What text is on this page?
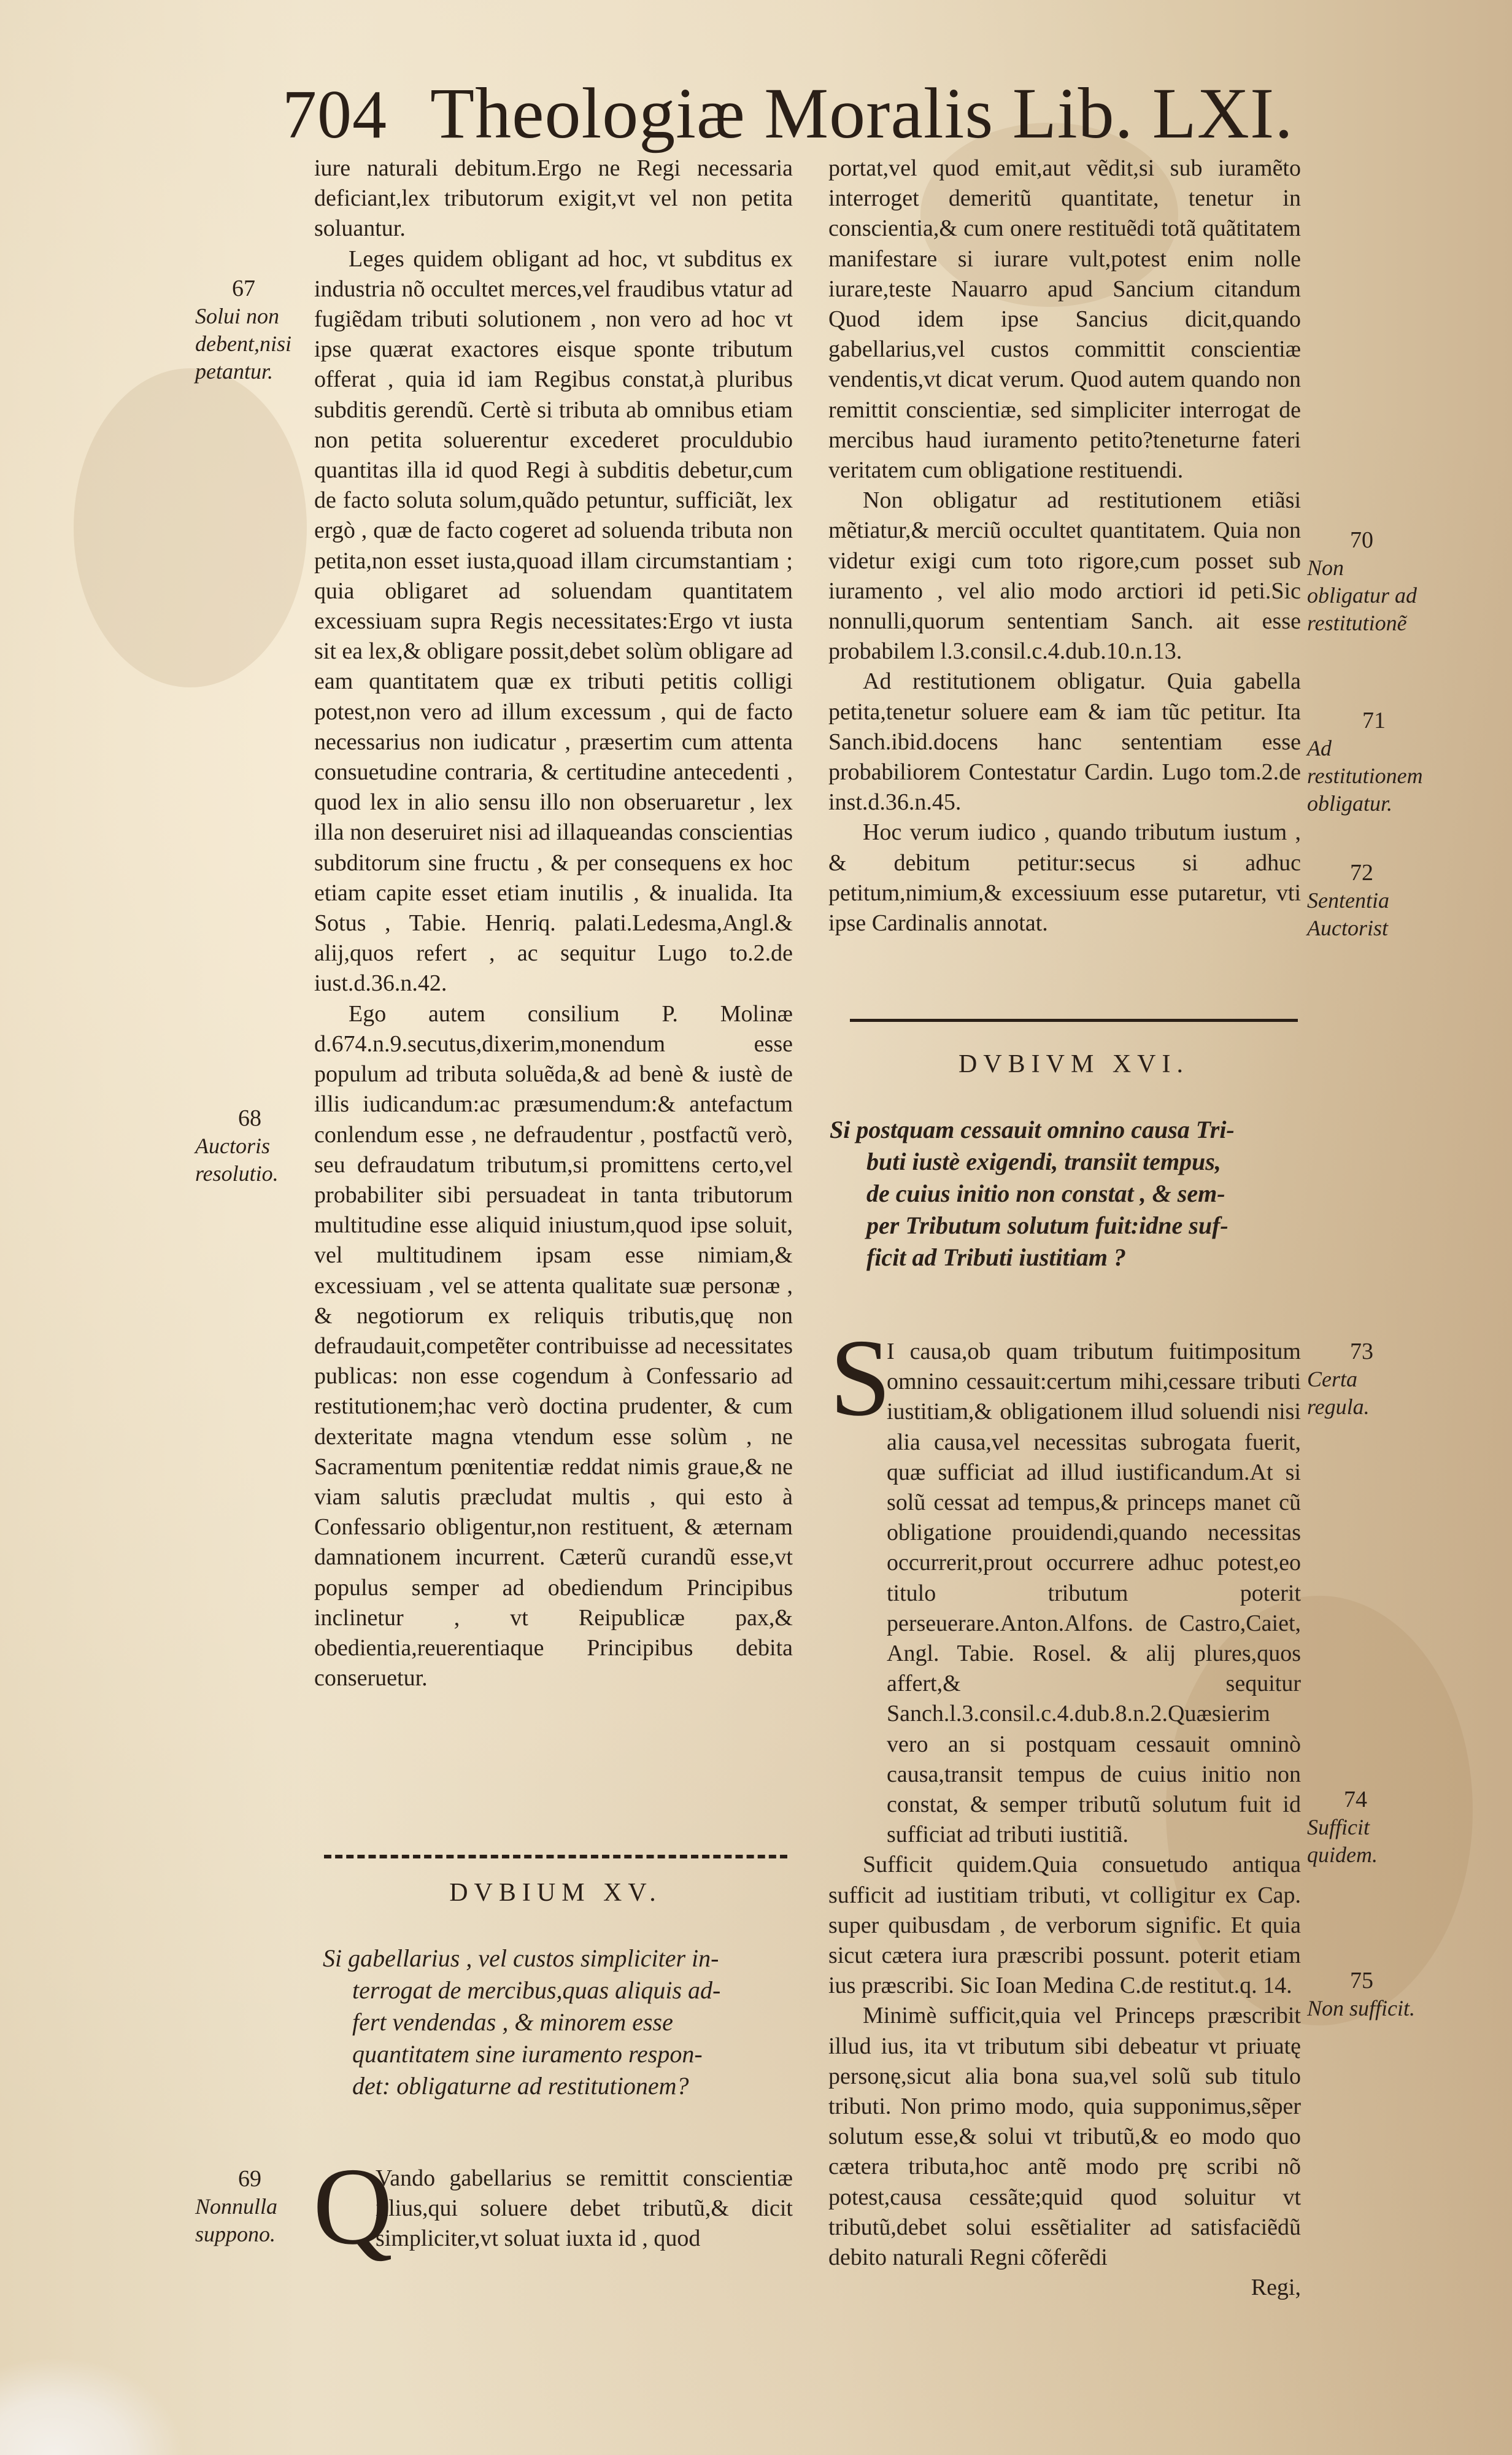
704 Theologiæ Moralis Lib. LXI.

iure naturali debitum.Ergo ne Regi necessaria deficiant,lex tributorum exigit,vt vel non petita soluantur.

Leges quidem obligant ad hoc, vt subditus ex industria nõ occultet merces,vel fraudibus vtatur ad fugiẽdam tributi solutionem , non vero ad hoc vt ipse quærat exactores eisque sponte tributum offerat , quia id iam Regibus constat,à pluribus subditis gerendũ. Certè si tributa ab omnibus etiam non petita soluerentur excederet proculdubio quantitas illa id quod Regi à subditis debetur,cum de facto soluta solum,quãdo petuntur, sufficiãt, lex ergò , quæ de facto cogeret ad soluenda tributa non petita,non esset iusta,quoad illam circumstantiam ; quia obligaret ad soluendam quantitatem excessiuam supra Regis necessitates:Ergo vt iusta sit ea lex,& obligare possit,debet solùm obligare ad eam quantitatem quæ ex tributi petitis colligi potest,non vero ad illum excessum , qui de facto necessarius non iudicatur , præsertim cum attenta consuetudine contraria, & certitudine antecedenti , quod lex in alio sensu illo non obseruaretur , lex illa non deseruiret nisi ad illaqueandas conscientias subditorum sine fructu , & per consequens ex hoc etiam capite esset etiam inutilis , & inualida. Ita Sotus , Tabie. Henriq. palati.Ledesma,Angl.& alij,quos refert , ac sequitur Lugo to.2.de iust.d.36.n.42.

Ego autem consilium P. Molinæ d.674.n.9.secutus,dixerim,monendum esse populum ad tributa soluẽda,& ad benè & iustè de illis iudicandum:ac præsumendum:& antefactum conlendum esse , ne defraudentur , postfactũ verò, seu defraudatum tributum,si promittens certo,vel probabiliter sibi persuadeat in tanta tributorum multitudine esse aliquid iniustum,quod ipse soluit, vel multitudinem ipsam esse nimiam,& excessiuam , vel se attenta qualitate suæ personæ , & negotiorum ex reliquis tributis,quę non defraudauit,competẽter contribuisse ad necessitates publicas: non esse cogendum à Confessario ad restitutionem;hac verò doctina prudenter, & cum dexteritate magna vtendum esse solùm , ne Sacramentum pœnitentiæ reddat nimis graue,& ne viam salutis præcludat multis , qui esto à Confessario obligentur,non restituent, & æternam damnationem incurrent. Cæterũ curandũ esse,vt populus semper ad obediendum Principibus inclinetur , vt Reipublicæ pax,& obedientia,reuerentiaque Principibus debita conseruetur.

DVBIUM XV.
Si gabellarius , vel custos simpliciter in-
terrogat de mercibus,quas aliquis ad-
fert vendendas , & minorem esse
quantitatem sine iuramento respon-
det: obligaturne ad restitutionem?
Q

Vando gabellarius se remittit conscientiæ illius,qui soluere debet tributũ,& dicit simpliciter,vt soluat iuxta id , quod

67
Solui non debent,nisi petantur.
68
Auctoris resolutio.
69
Nonnulla suppono.

portat,vel quod emit,aut vẽdit,si sub iuramẽto interroget demeritũ quantitate, tenetur in conscientia,& cum onere restituẽdi totã quãtitatem manifestare si iurare vult,potest enim nolle iurare,teste Nauarro apud Sancium citandum Quod idem ipse Sancius dicit,quando gabellarius,vel custos committit conscientiæ vendentis,vt dicat verum. Quod autem quando non remittit conscientiæ, sed simpliciter interrogat de mercibus haud iuramento petito?teneturne fateri veritatem cum obligatione restituendi.

Non obligatur ad restitutionem etiãsi mẽtiatur,& merciũ occultet quantitatem. Quia non videtur exigi cum toto rigore,cum posset sub iuramento , vel alio modo arctiori id peti.Sic nonnulli,quorum sententiam Sanch. ait esse probabilem l.3.consil.c.4.dub.10.n.13.

Ad restitutionem obligatur. Quia gabella petita,tenetur soluere eam & iam tũc petitur. Ita Sanch.ibid.docens hanc sententiam esse probabiliorem Contestatur Cardin. Lugo tom.2.de inst.d.36.n.45.

Hoc verum iudico , quando tributum iustum , & debitum petitur:secus si adhuc petitum,nimium,& excessiuum esse putaretur, vti ipse Cardinalis annotat.

DVBIVM XVI.
Si postquam cessauit omnino causa Tri-
buti iustè exigendi, transiit tempus,
de cuius initio non constat , & sem-
per Tributum solutum fuit:idne suf-
ficit ad Tributi iustitiam ?
S

I causa,ob quam tributum fuitimpositum omnino cessauit:certum mihi,cessare tributi iustitiam,& obligationem illud soluendi nisi alia causa,vel necessitas subrogata fuerit, quæ sufficiat ad illud iustificandum.At si solũ cessat ad tempus,& princeps manet cũ obligatione prouidendi,quando necessitas occurrerit,prout occurrere adhuc potest,eo titulo tributum poterit perseuerare.Anton.Alfons. de Castro,Caiet, Angl. Tabie. Rosel. & alij plures,quos affert,& sequitur Sanch.l.3.consil.c.4.dub.8.n.2.Quæsierim vero an si postquam cessauit omninò causa,transit tempus de cuius initio non constat, & semper tributũ solutum fuit id sufficiat ad tributi iustitiã.

Sufficit quidem.Quia consuetudo antiqua sufficit ad iustitiam tributi, vt colligitur ex Cap. super quibusdam , de verborum signific. Et quia sicut cætera iura præscribi possunt. poterit etiam ius præscribi. Sic Ioan Medina C.de restitut.q. 14.

Minimè sufficit,quia vel Princeps præscribit illud ius, ita vt tributum sibi debeatur vt priuatę personę,sicut alia bona sua,vel solũ sub titulo tributi. Non primo modo, quia supponimus,sẽper solutum esse,& solui vt tributũ,& eo modo quo cætera tributa,hoc antẽ modo prę scribi nõ potest,causa cessãte;quid quod soluitur vt tributũ,debet solui essẽtialiter ad satisfaciẽdũ debito naturali Regni cõferẽdi

Regi,

70
Non obligatur ad restitutionẽ
71
Ad restitutionem obligatur.
72
Sententia Auctorist
73
Certa regula.
74
Sufficit quidem.
75
Non sufficit.
